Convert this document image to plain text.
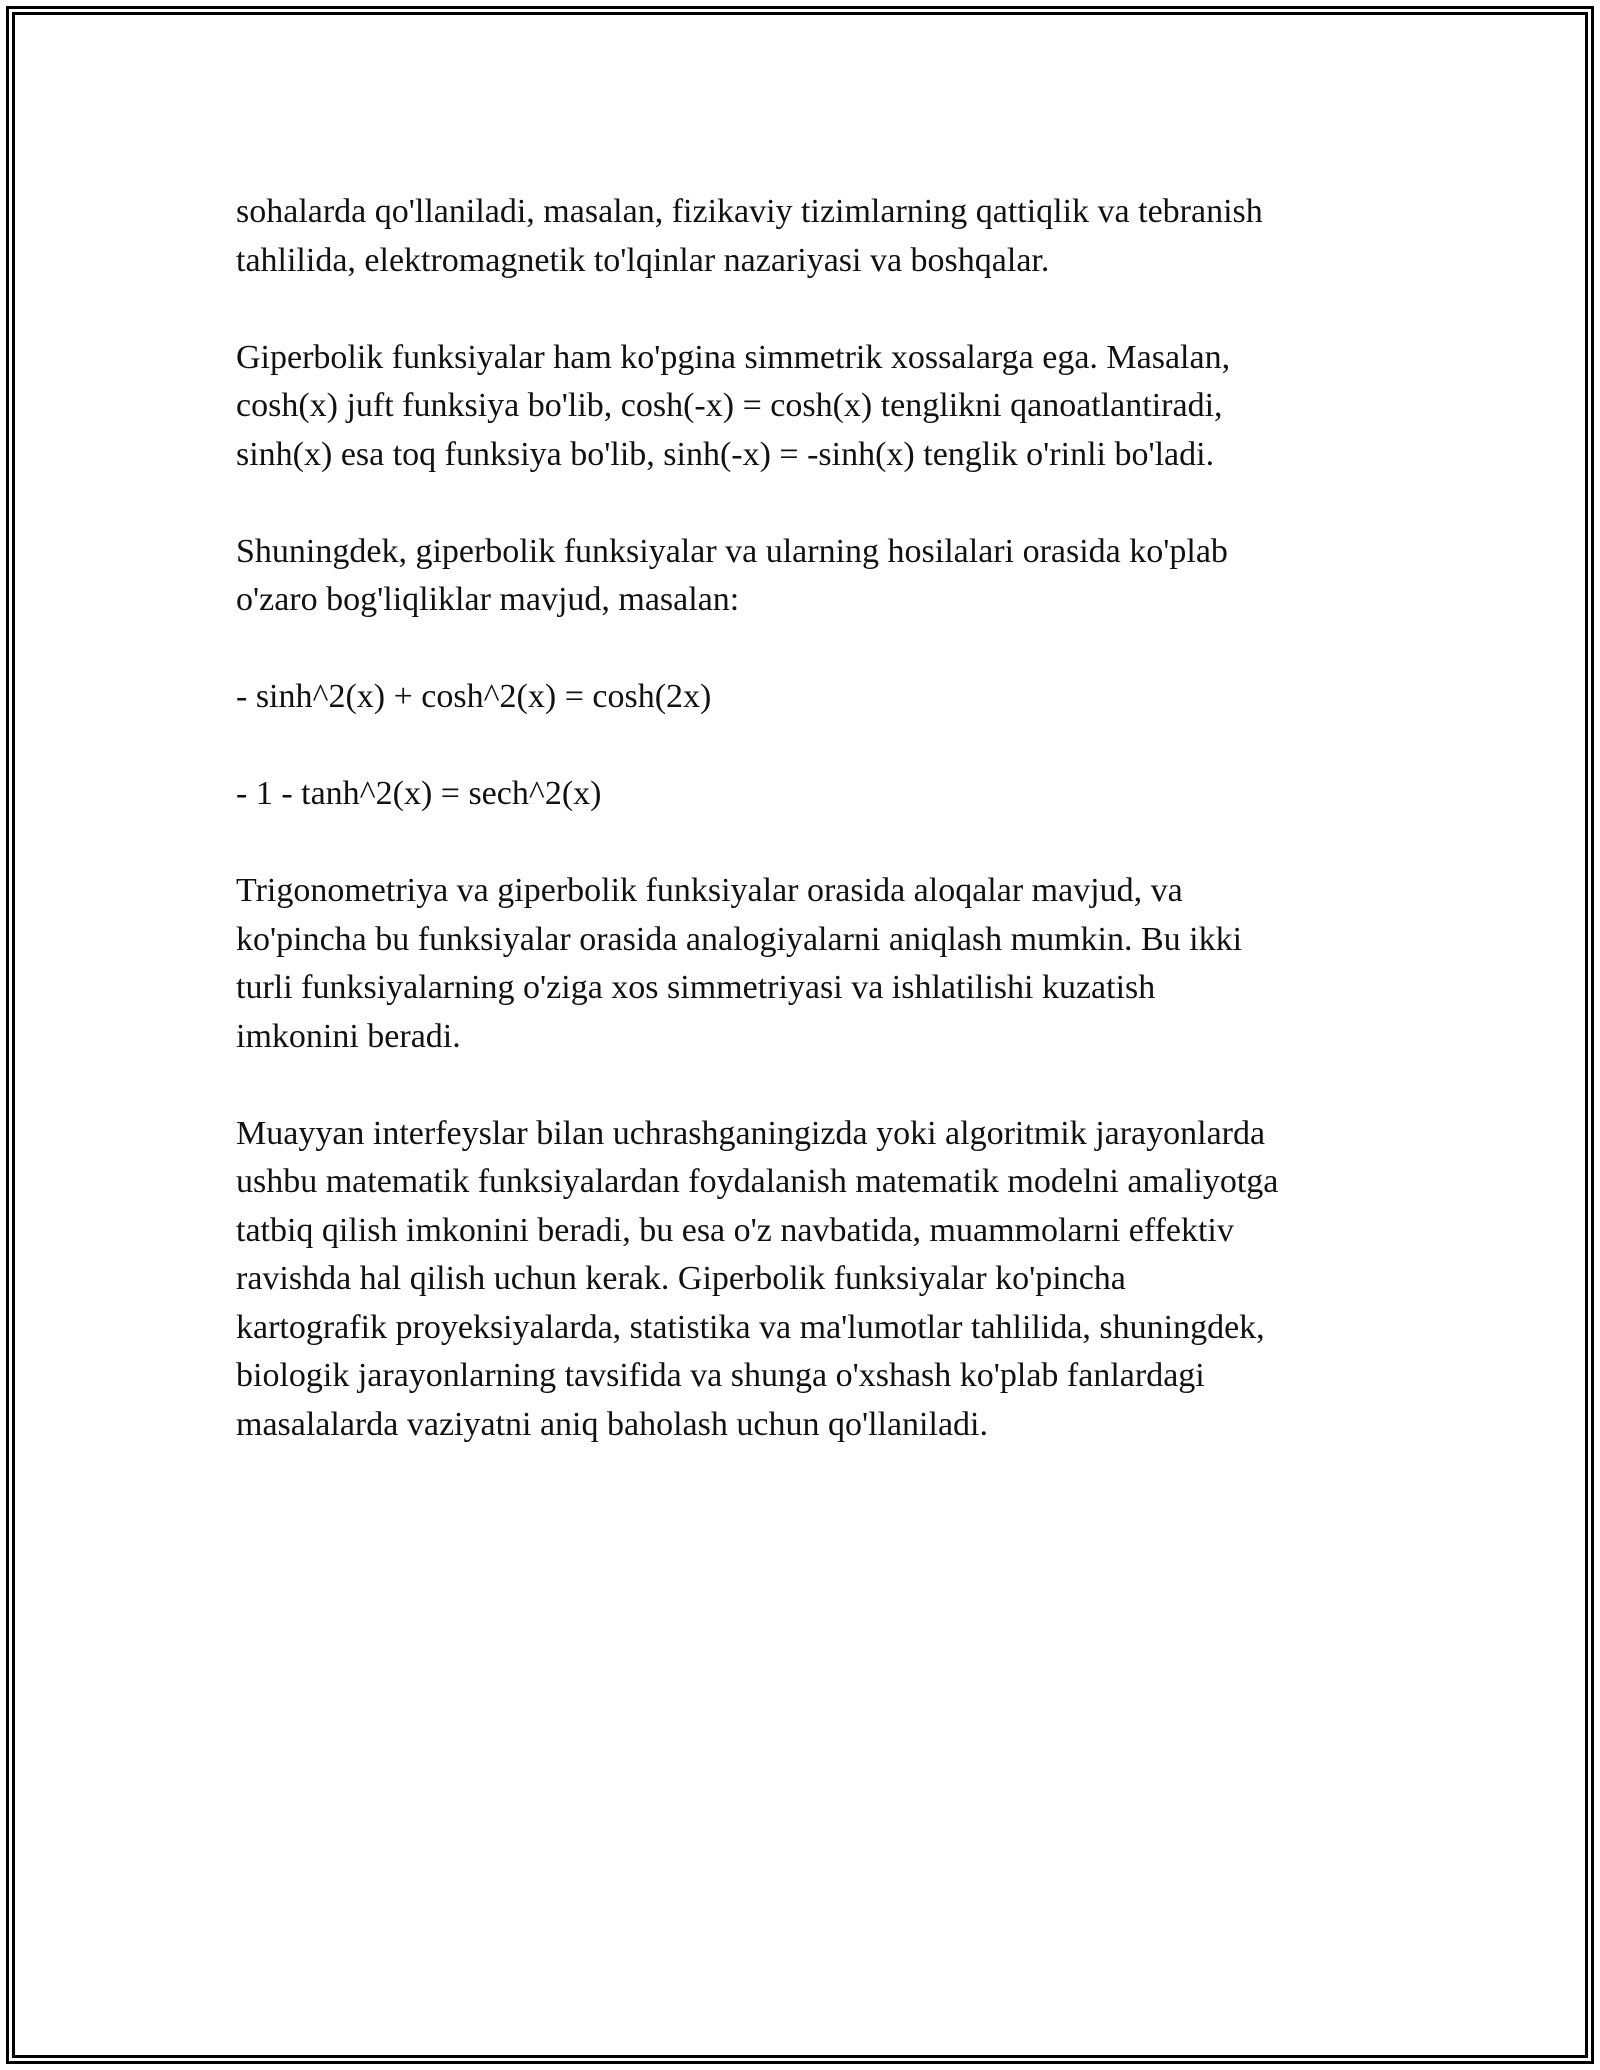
sohalarda qo'llaniladi, masalan, fizikaviy tizimlarning qattiqlik va tebranish
tahlilida, elektromagnetik to'lqinlar nazariyasi va boshqalar.

Giperbolik funksiyalar ham ko'pgina simmetrik xossalarga ega. Masalan,
cosh(x) juft funksiya bo'lib, cosh(-x) = cosh(x) tenglikni qanoatlantiradi,
sinh(x) esa toq funksiya bo'lib, sinh(-x) = -sinh(x) tenglik o'rinli bo'ladi.

Shuningdek, giperbolik funksiyalar va ularning hosilalari orasida ko'plab
o'zaro bog'liqliklar mavjud, masalan:

- sinh^2(x) + cosh^2(x) = cosh(2x)

- 1 - tanh^2(x) = sech^2(x)

Trigonometriya va giperbolik funksiyalar orasida aloqalar mavjud, va
ko'pincha bu funksiyalar orasida analogiyalarni aniqlash mumkin. Bu ikki
turli funksiyalarning o'ziga xos simmetriyasi va ishlatilishi kuzatish
imkonini beradi.

Muayyan interfeyslar bilan uchrashganingizda yoki algoritmik jarayonlarda
ushbu matematik funksiyalardan foydalanish matematik modelni amaliyotga
tatbiq qilish imkonini beradi, bu esa o'z navbatida, muammolarni effektiv
ravishda hal qilish uchun kerak. Giperbolik funksiyalar ko'pincha
kartografik proyeksiyalarda, statistika va ma'lumotlar tahlilida, shuningdek,
biologik jarayonlarning tavsifida va shunga o'xshash ko'plab fanlardagi
masalalarda vaziyatni aniq baholash uchun qo'llaniladi.
